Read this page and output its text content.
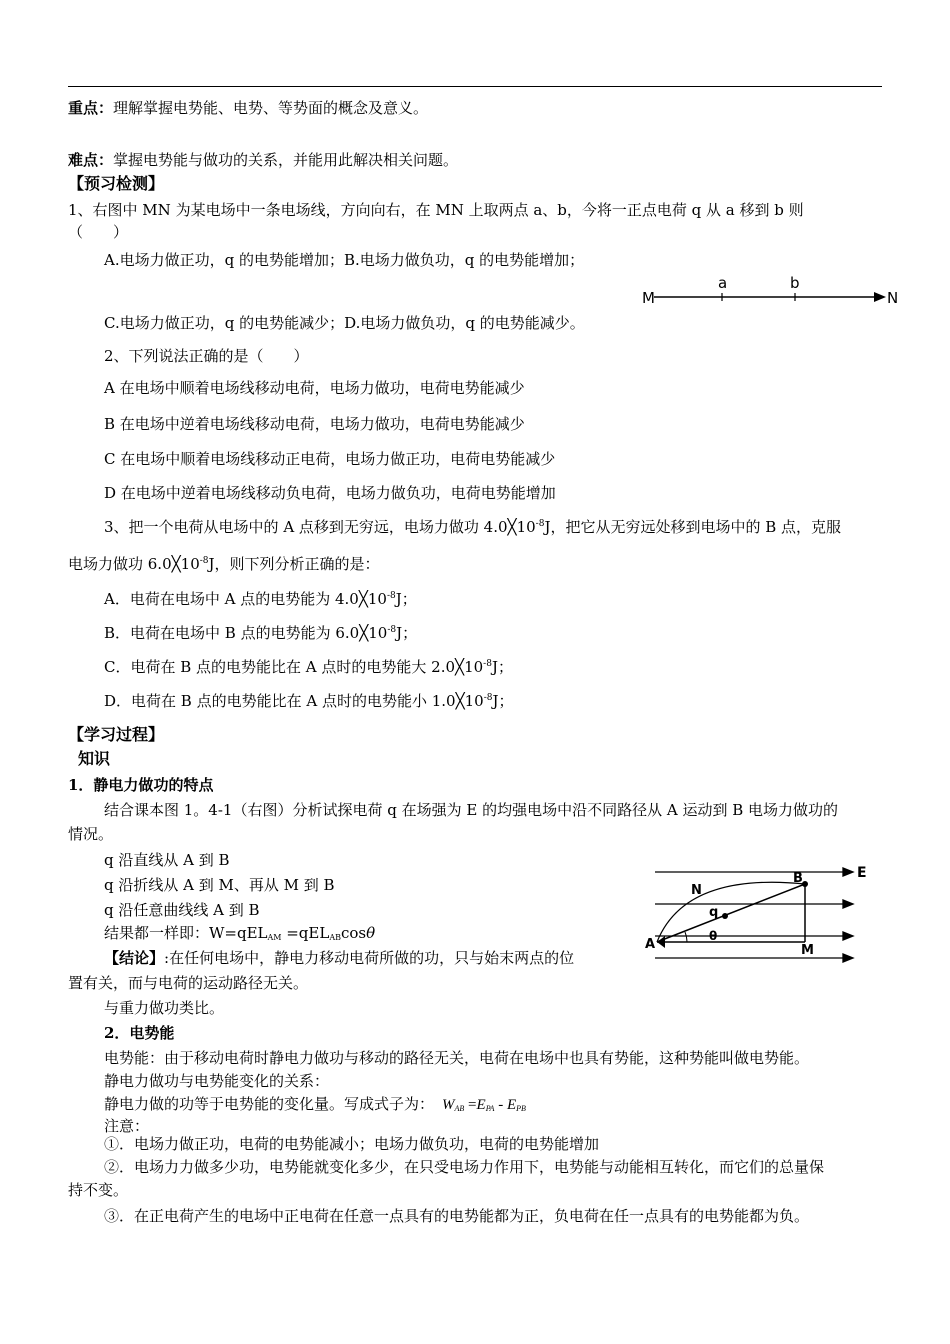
重点：理解掌握电势能、电势、等势面的概念及意义。
难点：掌握电势能与做功的关系，并能用此解决相关问题。
【预习检测】
1、右图中 MN 为某电场中一条电场线，方向向右，在 MN 上取两点 a、b，今将一正点电荷 q 从 a 移到 b 则
（　　）
A.电场力做正功，q 的电势能增加；B.电场力做负功，q 的电势能增加；
M
a	b
N
C.电场力做正功，q 的电势能减少；D.电场力做负功，q 的电势能减少。
2、下列说法正确的是（　　）
A 在电场中顺着电场线移动电荷，电场力做功，电荷电势能减少
B 在电场中逆着电场线移动电荷，电场力做功，电荷电势能减少
C 在电场中顺着电场线移动正电荷，电场力做正功，电荷电势能减少
D 在电场中逆着电场线移动负电荷，电场力做负功，电荷电势能增加
3、把一个电荷从电场中的 A 点移到无穷远，电场力做功 $4.0╳10^{-8}J$，把它从无穷远处移到电场中的 B 点，克服
电场力做功 $6.0╳10^{-8}J$，则下列分析正确的是：
A．电荷在电场中 A 点的电势能为 $4.0╳10^{-8}J$；
B．电荷在电场中 B 点的电势能为 $6.0╳10^{-8}J$；
C．电荷在 B 点的电势能比在 A 点时的电势能大 $2.0╳10^{-8}J$；
D．电荷在 B 点的电势能比在 A 点时的电势能小 $1.0╳10^{-8}J$；
【学习过程】
知识
1．静电力做功的特点
结合课本图 1。4-1（右图）分析试探电荷 q 在场强为 E 的均强电场中沿不同路径从 A 运动到 B 电场力做功的
情况。
q 沿直线从 A 到 B
q 沿折线从 A 到 M、再从 M 到 B
q 沿任意曲线线 A 到 B
结果都一样即：W=qEL$_{AM}$ =qEL$_{AB}$cosθ
E
N
B
q
A
θ
M
【结论】:在任何电场中，静电力移动电荷所做的功，只与始末两点的位
置有关，而与电荷的运动路径无关。
与重力做功类比。
2．电势能
电势能：由于移动电荷时静电力做功与移动的路径无关，电荷在电场中也具有势能，这种势能叫做电势能。
静电力做功与电势能变化的关系：
静电力做的功等于电势能的变化量。写成式子为： $W_{AB} =E_{PA} - E_{PB}$
注意：
①．电场力做正功，电荷的电势能减小；电场力做负功，电荷的电势能增加
②．电场力力做多少功，电势能就变化多少，在只受电场力作用下，电势能与动能相互转化，而它们的总量保
持不变。
③．在正电荷产生的电场中正电荷在任意一点具有的电势能都为正，负电荷在任一点具有的电势能都为负。
